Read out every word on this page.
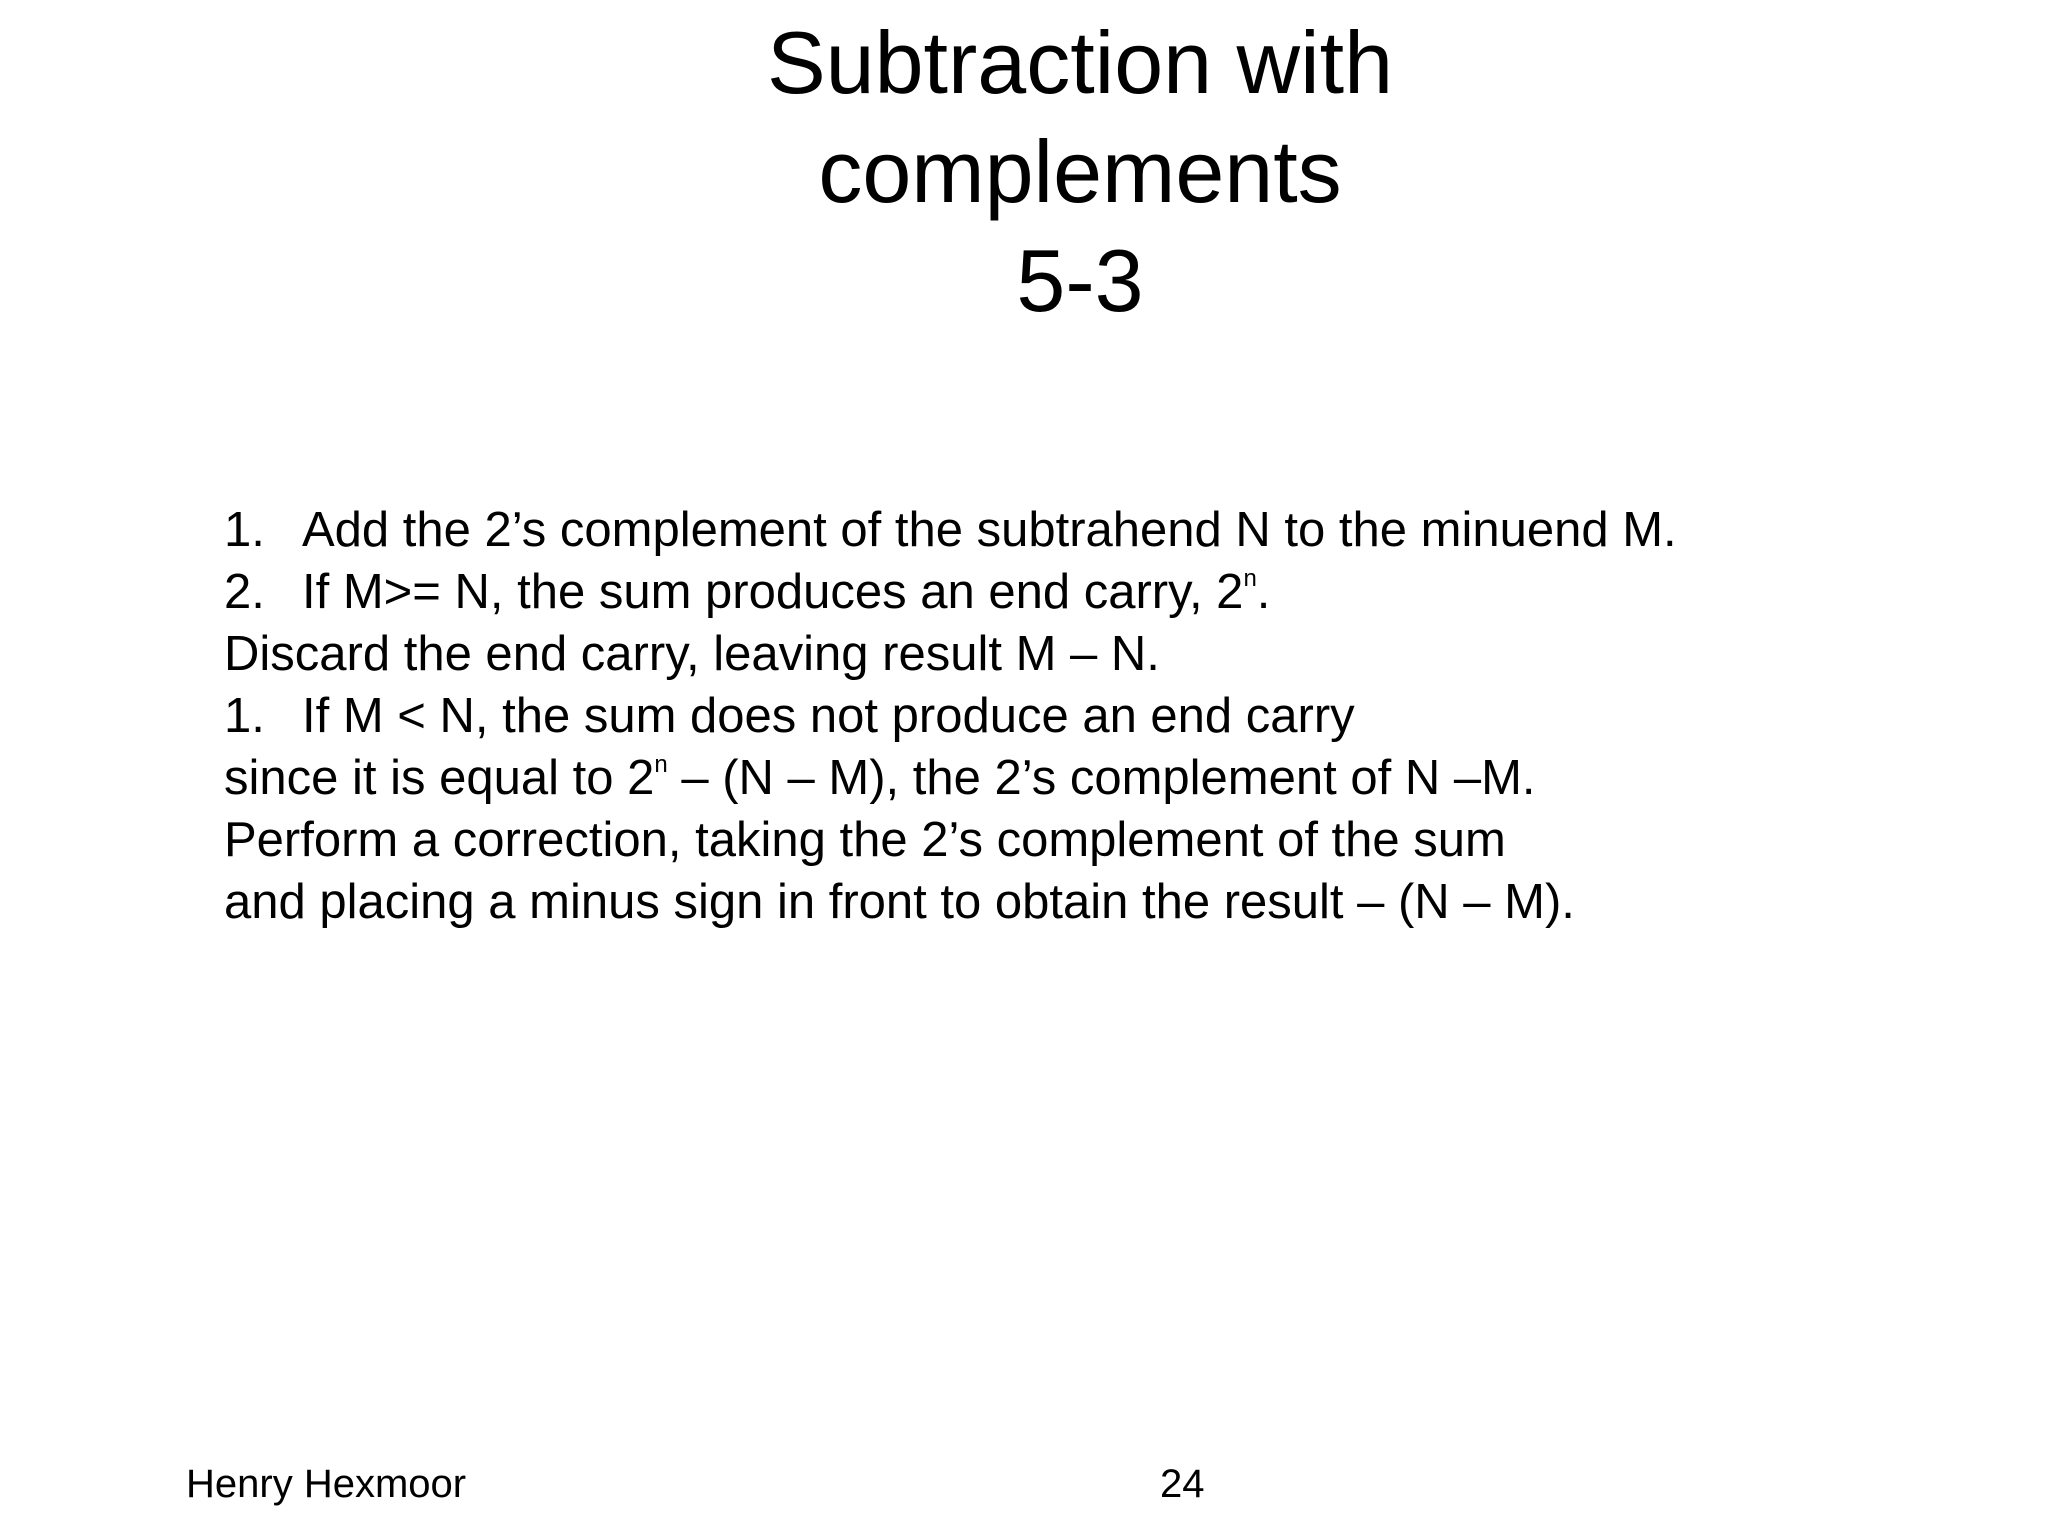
Subtraction with
complements
5-3
1. Add the 2’s complement of the subtrahend N to the minuend M.
2. If M>= N, the sum produces an end carry, 2$^n$.
Discard the end carry, leaving result M – N.
1. If M < N, the sum does not produce an end carry
since it is equal to 2$^n$ – (N – M), the 2’s complement of N –M.
Perform a correction, taking the 2’s complement of the sum
and placing a minus sign in front to obtain the result – (N – M).
Henry Hexmoor	24
